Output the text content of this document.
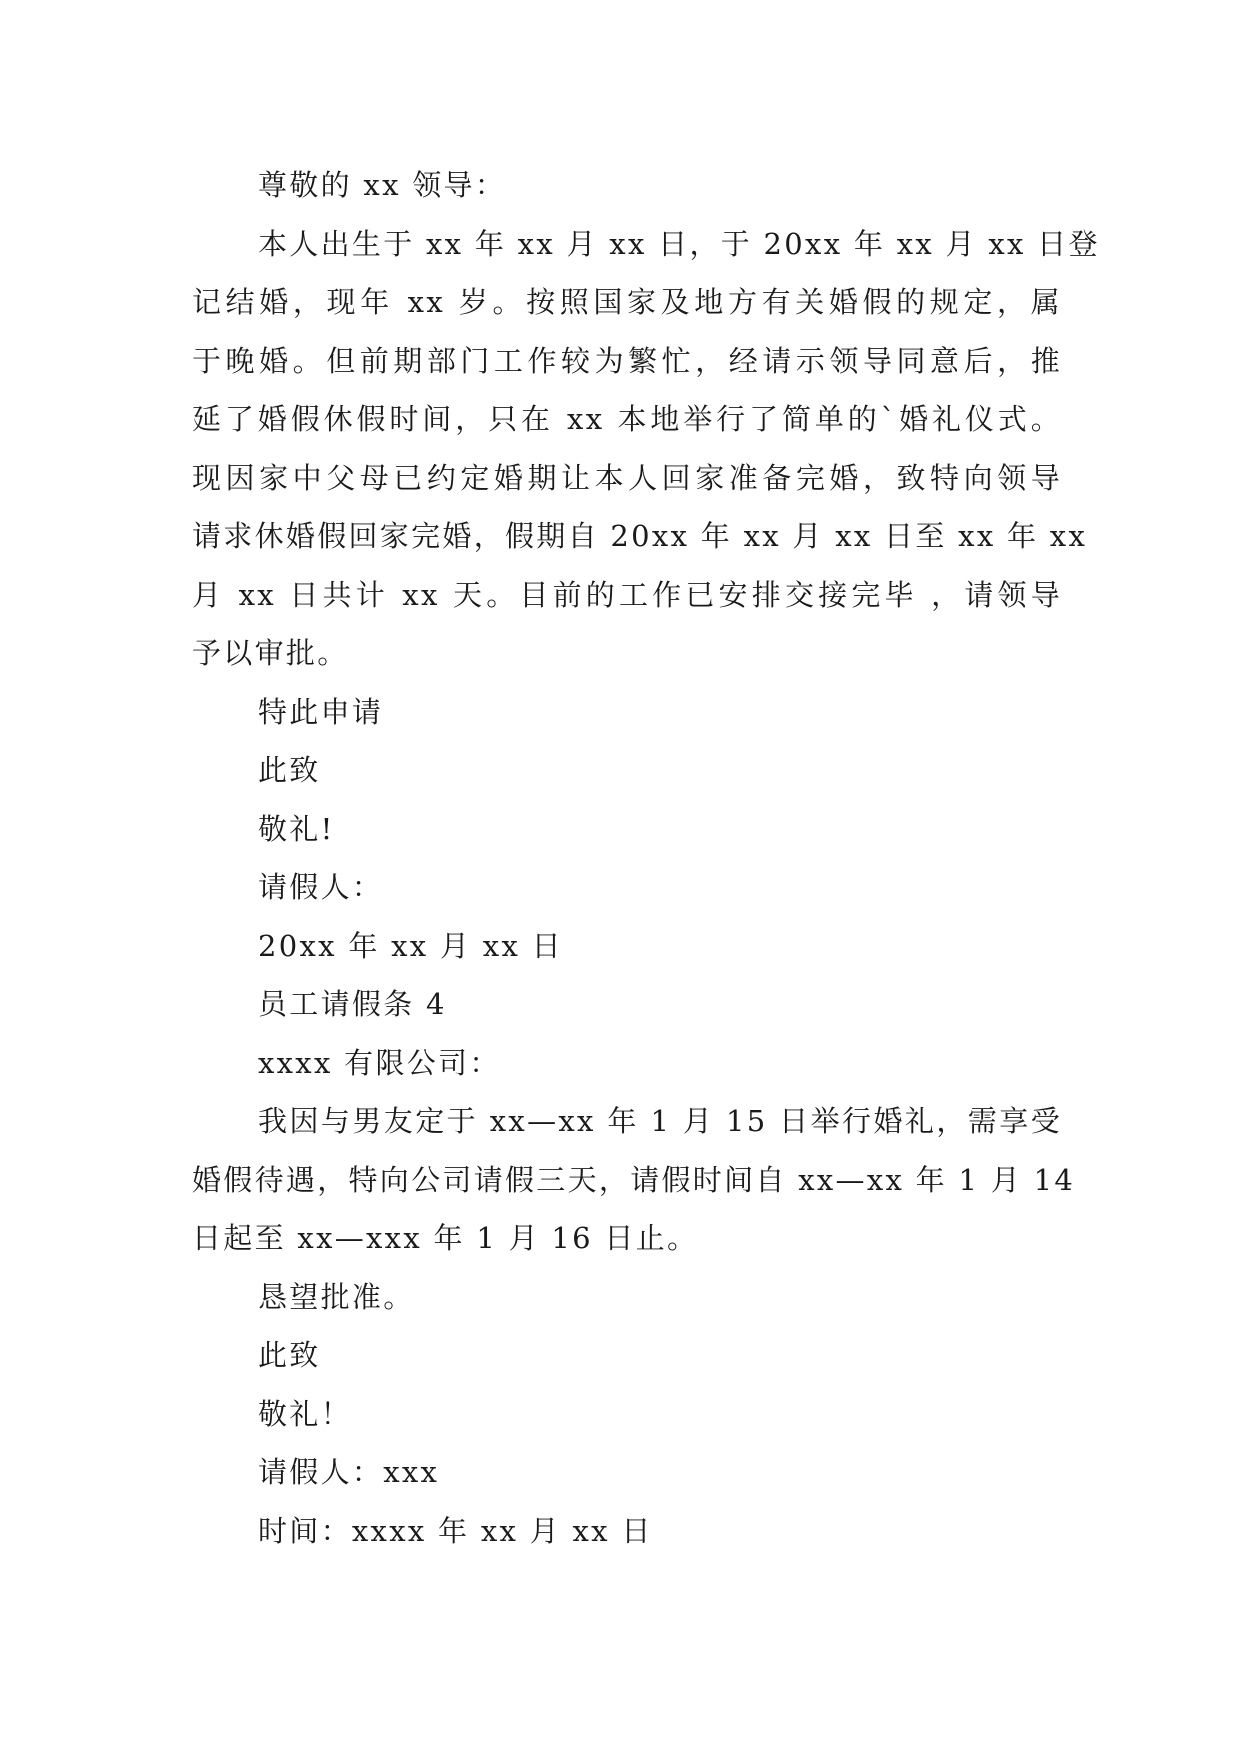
尊敬的 xx 领导：
本人出生于 xx 年 xx 月 xx 日，于 20xx 年 xx 月 xx 日登
记结婚，现年 xx 岁。按照国家及地方有关婚假的规定，属
于晚婚。但前期部门工作较为繁忙，经请示领导同意后，推
延了婚假休假时间，只在 xx 本地举行了简单的`婚礼仪式。
现因家中父母已约定婚期让本人回家准备完婚，致特向领导
请求休婚假回家完婚，假期自 20xx 年 xx 月 xx 日至 xx 年 xx
月 xx 日共计 xx 天。目前的工作已安排交接完毕 ，请领导
予以审批。
特此申请
此致
敬礼!
请假人：
20xx 年 xx 月 xx 日
员工请假条 4
xxxx 有限公司：
我因与男友定于 xx—xx 年 1 月 15 日举行婚礼，需享受
婚假待遇，特向公司请假三天，请假时间自 xx—xx 年 1 月 14
日起至 xx—xxx 年 1 月 16 日止。
恳望批准。
此致
敬礼！
请假人：xxx
时间：xxxx 年 xx 月 xx 日
